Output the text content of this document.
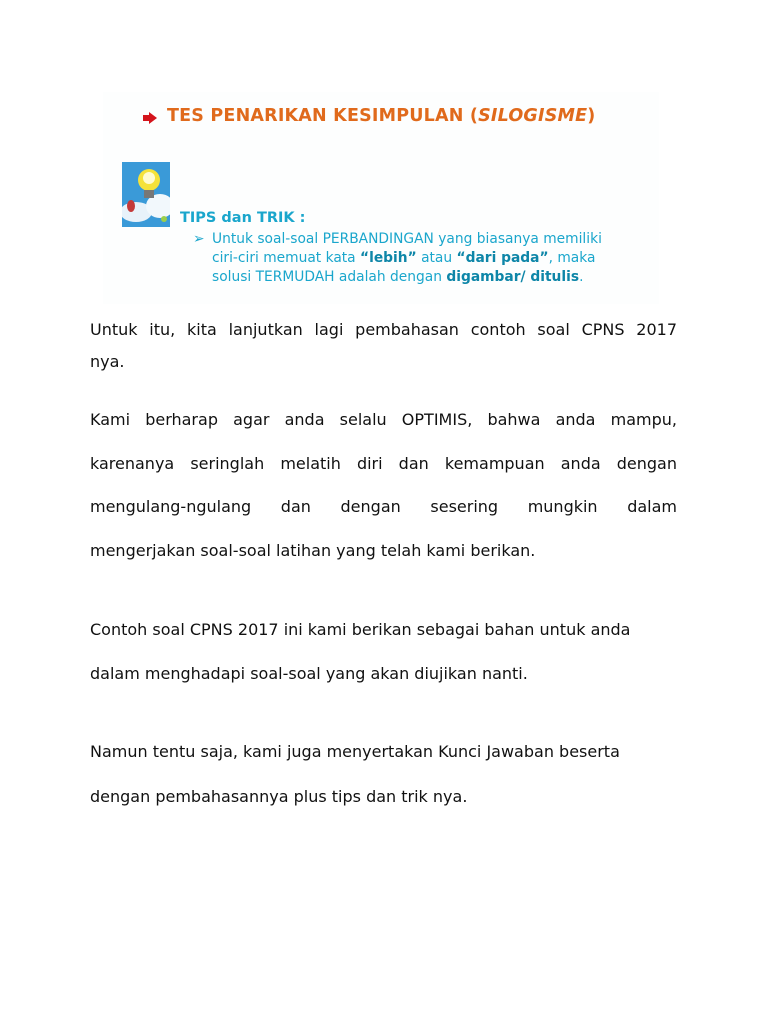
TES PENARIKAN KESIMPULAN (SILOGISME)
TIPS dan TRIK :
➢ Untuk soal-soal PERBANDINGAN yang biasanya memiliki
ciri-ciri memuat kata “lebih” atau “dari pada”, maka
solusi TERMUDAH adalah dengan digambar/ ditulis.
Untuk itu, kita lanjutkan lagi pembahasan contoh soal CPNS 2017
nya.
Kami berharap agar anda selalu OPTIMIS, bahwa anda mampu,
karenanya seringlah melatih diri dan kemampuan anda dengan
mengulang-ngulang dan dengan sesering mungkin dalam
mengerjakan soal-soal latihan yang telah kami berikan.
Contoh soal CPNS 2017 ini kami berikan sebagai bahan untuk anda
dalam menghadapi soal-soal yang akan diujikan nanti.
Namun tentu saja, kami juga menyertakan Kunci Jawaban beserta
dengan pembahasannya plus tips dan trik nya.
